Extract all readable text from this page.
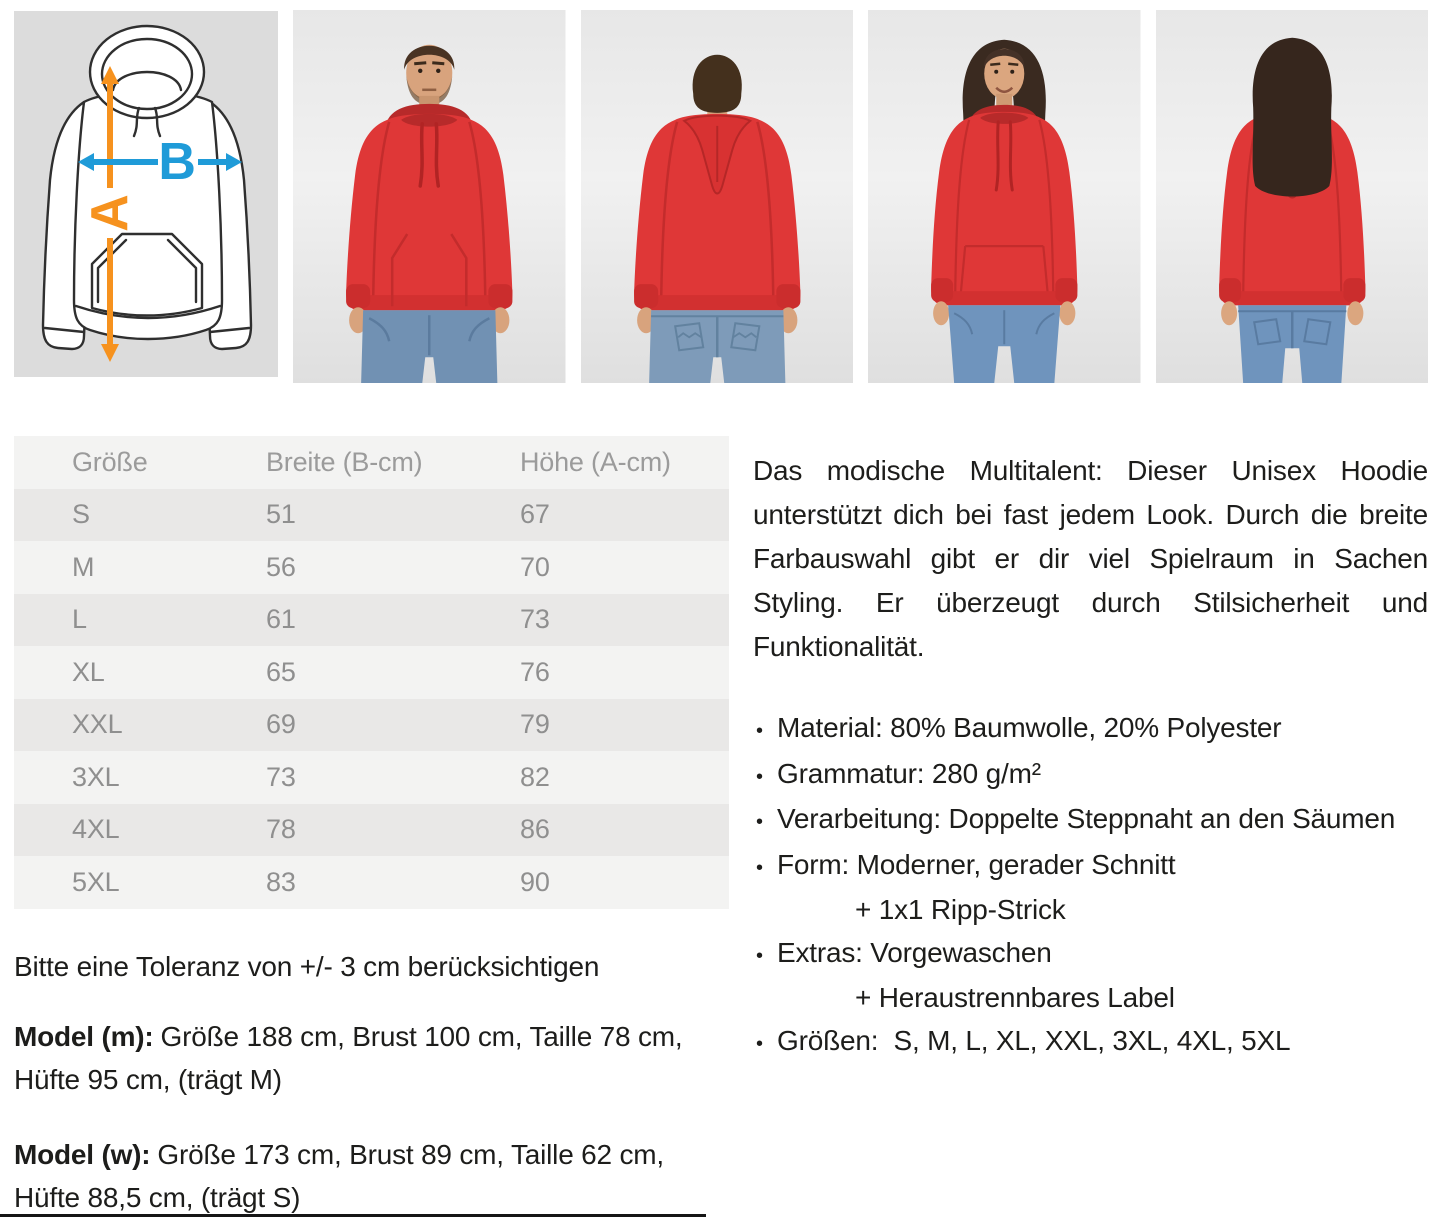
A
B
Größe	Breite (B-cm)	Höhe (A-cm)
S	51	67
M	56	70
L	61	73
XL	65	76
XXL	69	79
3XL	73	82
4XL	78	86
5XL	83	90

Bitte eine Toleranz von +/- 3 cm berücksichtigen

Model (m): Größe 188 cm, Brust 100 cm, Taille 78 cm, Hüfte 95 cm, (trägt M)

Model (w): Größe 173 cm, Brust 89 cm, Taille 62 cm, Hüfte 88,5 cm, (trägt S)

Das modische Multitalent: Dieser Unisex Hoodie unterstützt dich bei fast jedem Look. Durch die breite Farbauswahl gibt er dir viel Spielraum in Sachen Styling. Er überzeugt durch Stilsicherheit und Funktionalität.

• Material: 80% Baumwolle, 20% Polyester
• Grammatur: 280 g/m²
• Verarbeitung: Doppelte Steppnaht an den Säumen
• Form: Moderner, gerader Schnitt
+ 1x1 Ripp-Strick
• Extras: Vorgewaschen
+ Heraustrennbares Label
• Größen:  S, M, L, XL, XXL, 3XL, 4XL, 5XL
